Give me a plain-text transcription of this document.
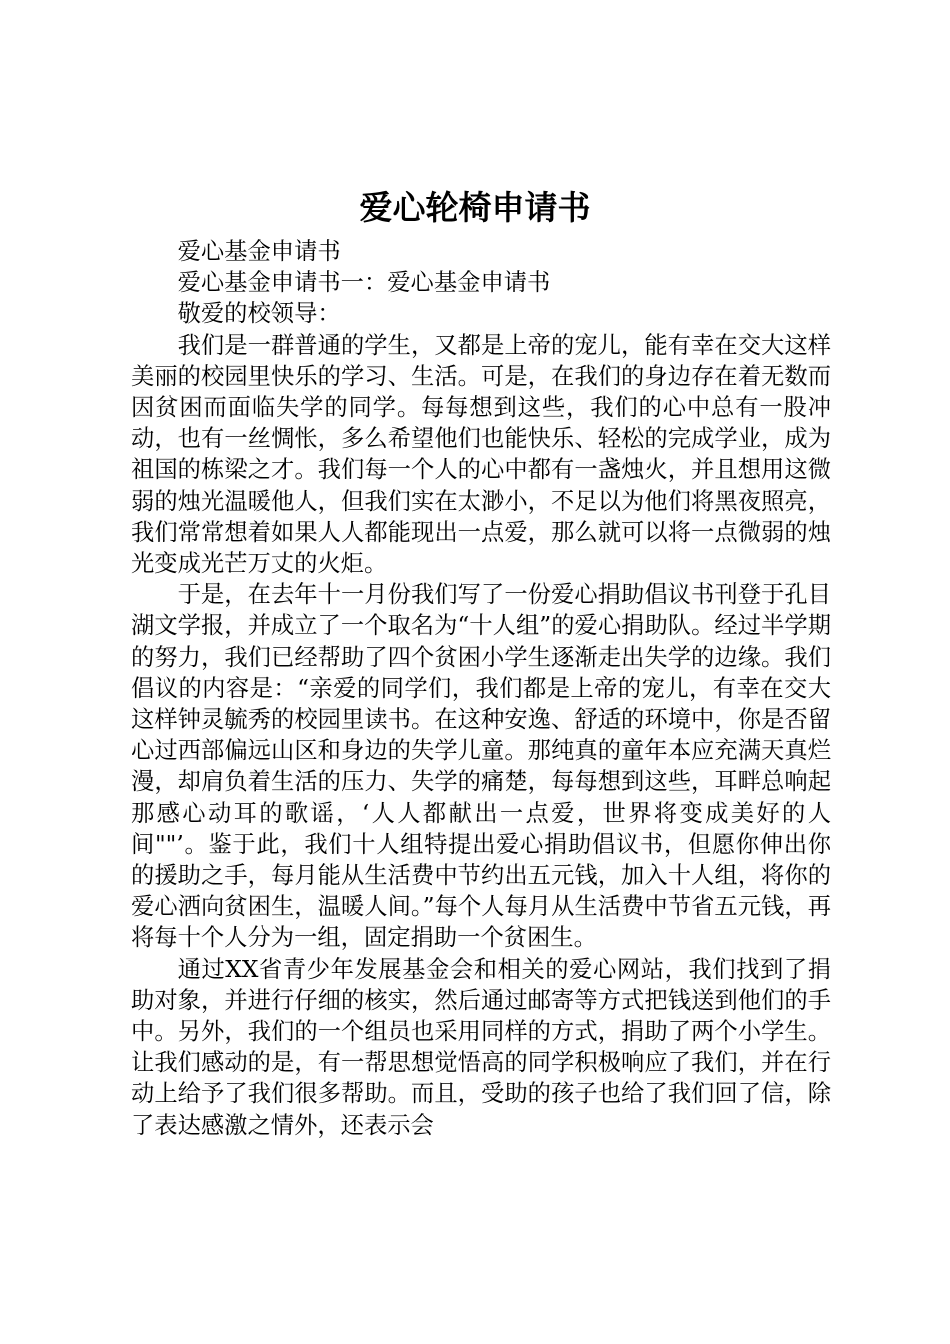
爱心轮椅申请书

爱心基金申请书

爱心基金申请书一：爱心基金申请书

敬爱的校领导：

我们是一群普通的学生，又都是上帝的宠儿，能有幸在交大这样美丽的校园里快乐的学习、生活。可是，在我们的身边存在着无数而因贫困而面临失学的同学。每每想到这些，我们的心中总有一股冲动，也有一丝惆怅，多么希望他们也能快乐、轻松的完成学业，成为祖国的栋梁之才。我们每一个人的心中都有一盏烛火，并且想用这微弱的烛光温暖他人，但我们实在太渺小，不足以为他们将黑夜照亮，我们常常想着如果人人都能现出一点爱，那么就可以将一点微弱的烛光变成光芒万丈的火炬。

于是，在去年十一月份我们写了一份爱心捐助倡议书刊登于孔目湖文学报，并成立了一个取名为“十人组”的爱心捐助队。经过半学期的努力，我们已经帮助了四个贫困小学生逐渐走出失学的边缘。我们倡议的内容是：“亲爱的同学们，我们都是上帝的宠儿，有幸在交大这样钟灵毓秀的校园里读书。在这种安逸、舒适的环境中，你是否留心过西部偏远山区和身边的失学儿童。那纯真的童年本应充满天真烂漫，却肩负着生活的压力、失学的痛楚，每每想到这些，耳畔总响起那感心动耳的歌谣，‘人人都献出一点爱，世界将变成美好的人间""’。鉴于此，我们十人组特提出爱心捐助倡议书，但愿你伸出你的援助之手，每月能从生活费中节约出五元钱，加入十人组，将你的爱心洒向贫困生，温暖人间。”每个人每月从生活费中节省五元钱，再将每十个人分为一组，固定捐助一个贫困生。

通过XX省青少年发展基金会和相关的爱心网站，我们找到了捐助对象，并进行仔细的核实，然后通过邮寄等方式把钱送到他们的手中。另外，我们的一个组员也采用同样的方式，捐助了两个小学生。让我们感动的是，有一帮思想觉悟高的同学积极响应了我们，并在行动上给予了我们很多帮助。而且，受助的孩子也给了我们回了信，除了表达感激之情外，还表示会
